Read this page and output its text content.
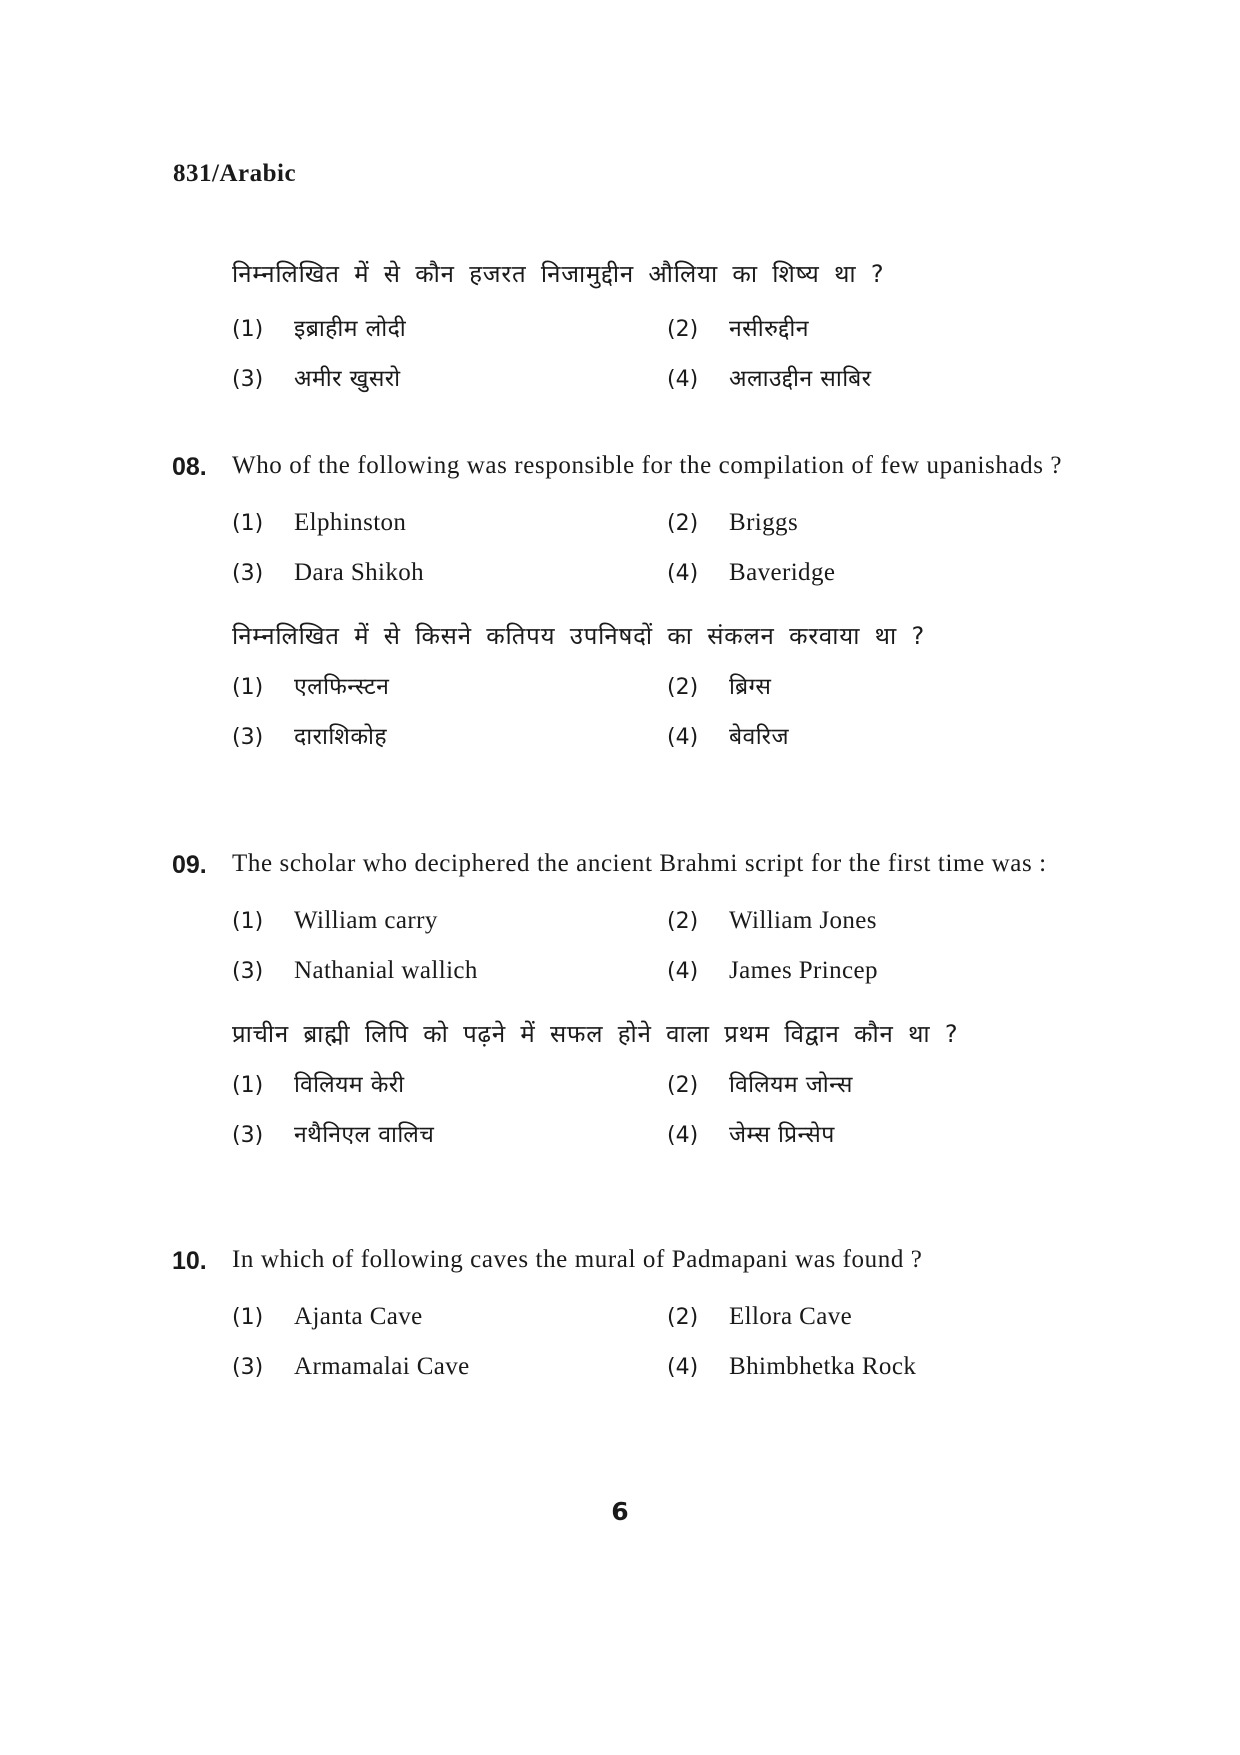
831/Arabic
निम्नलिखित में से कौन हजरत निजामुद्दीन औलिया का शिष्य था ?
(1)	इब्राहीम लोदी	(2)	नसीरुद्दीन
(3)	अमीर खुसरो	(4)	अलाउद्दीन साबिर
08.	Who of the following was responsible for the compilation of few upanishads ?
(1)	Elphinston	(2)	Briggs
(3)	Dara Shikoh	(4)	Baveridge
निम्नलिखित में से किसने कतिपय उपनिषदों का संकलन करवाया था ?
(1)	एलफिन्स्टन	(2)	ब्रिग्स
(3)	दाराशिकोह	(4)	बेवरिज
09.	The scholar who deciphered the ancient Brahmi script for the first time was :
(1)	William carry	(2)	William Jones
(3)	Nathanial wallich	(4)	James Princep
प्राचीन ब्राह्मी लिपि को पढ़ने में सफल होने वाला प्रथम विद्वान कौन था ?
(1)	विलियम केरी	(2)	विलियम जोन्स
(3)	नथैनिएल वालिच	(4)	जेम्स प्रिन्सेप
10.	In which of following caves the mural of Padmapani was found ?
(1)	Ajanta Cave	(2)	Ellora Cave
(3)	Armamalai Cave	(4)	Bhimbhetka Rock
6
